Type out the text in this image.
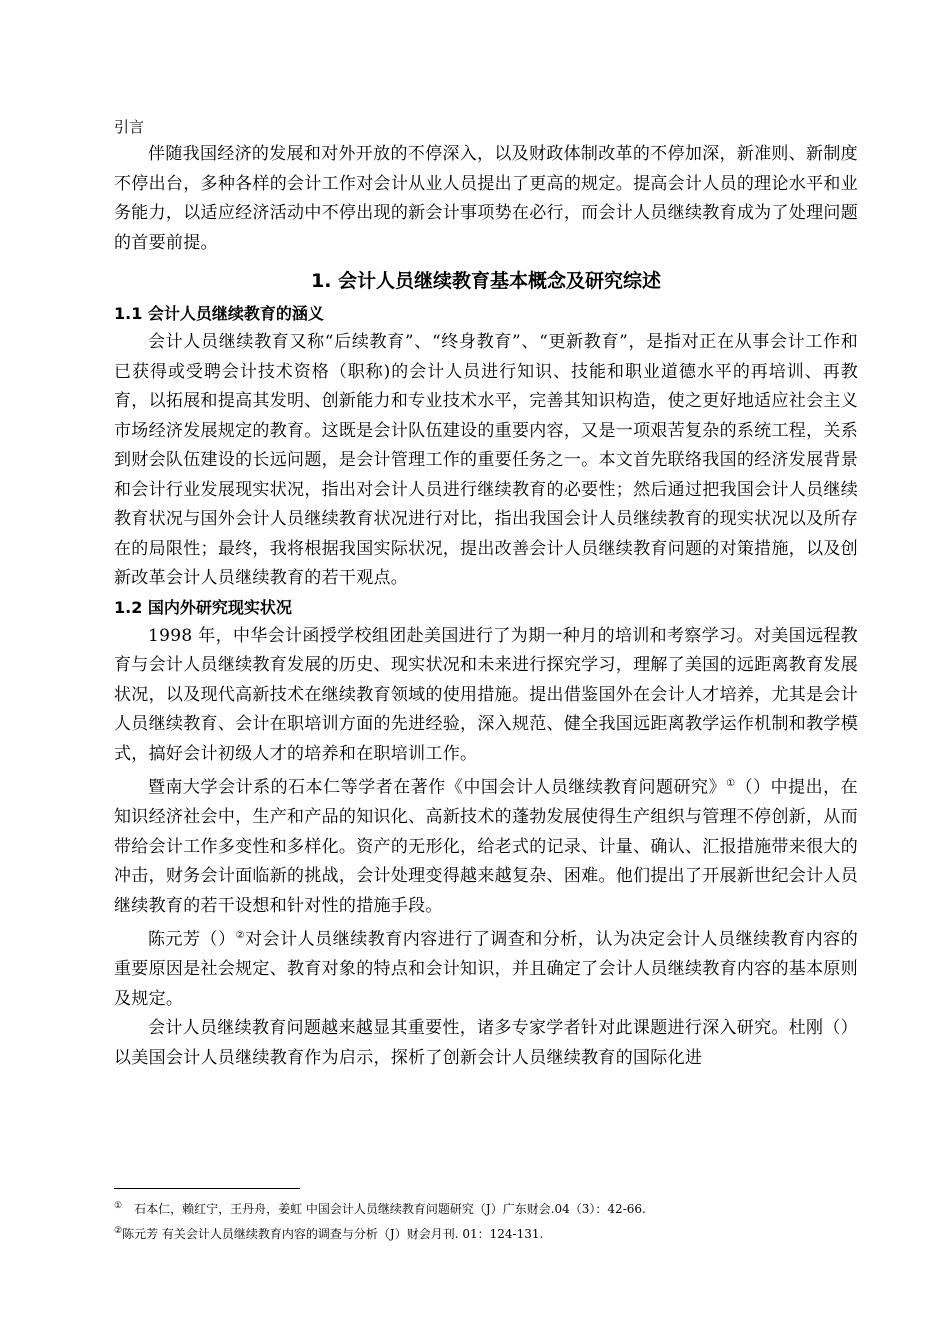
引言

伴随我国经济的发展和对外开放的不停深入，以及财政体制改革的不停加深，新准则、新制度不停出台，多种各样的会计工作对会计从业人员提出了更高的规定。提高会计人员的理论水平和业务能力，以适应经济活动中不停出现的新会计事项势在必行，而会计人员继续教育成为了处理问题的首要前提。

1. 会计人员继续教育基本概念及研究综述
1.1 会计人员继续教育的涵义

会计人员继续教育又称“后续教育”、“终身教育”、“更新教育”，是指对正在从事会计工作和已获得或受聘会计技术资格（职称)的会计人员进行知识、技能和职业道德水平的再培训、再教育，以拓展和提高其发明、创新能力和专业技术水平，完善其知识构造，使之更好地适应社会主义市场经济发展规定的教育。这既是会计队伍建设的重要内容，又是一项艰苦复杂的系统工程，关系到财会队伍建设的长远问题，是会计管理工作的重要任务之一。本文首先联络我国的经济发展背景和会计行业发展现实状况，指出对会计人员进行继续教育的必要性；然后通过把我国会计人员继续教育状况与国外会计人员继续教育状况进行对比，指出我国会计人员继续教育的现实状况以及所存在的局限性；最终，我将根据我国实际状况，提出改善会计人员继续教育问题的对策措施，以及创新改革会计人员继续教育的若干观点。

1.2 国内外研究现实状况

1998 年，中华会计函授学校组团赴美国进行了为期一种月的培训和考察学习。对美国远程教育与会计人员继续教育发展的历史、现实状况和未来进行探究学习，理解了美国的远距离教育发展状况，以及现代高新技术在继续教育领域的使用措施。提出借鉴国外在会计人才培养，尤其是会计人员继续教育、会计在职培训方面的先进经验，深入规范、健全我国远距离教学运作机制和教学模式，搞好会计初级人才的培养和在职培训工作。

暨南大学会计系的石本仁等学者在著作《中国会计人员继续教育问题研究》①（）中提出，在知识经济社会中，生产和产品的知识化、高新技术的蓬勃发展使得生产组织与管理不停创新，从而带给会计工作多变性和多样化。资产的无形化，给老式的记录、计量、确认、汇报措施带来很大的冲击，财务会计面临新的挑战，会计处理变得越来越复杂、困难。他们提出了开展新世纪会计人员继续教育的若干设想和针对性的措施手段。

陈元芳（）②对会计人员继续教育内容进行了调查和分析，认为决定会计人员继续教育内容的重要原因是社会规定、教育对象的特点和会计知识，并且确定了会计人员继续教育内容的基本原则及规定。

会计人员继续教育问题越来越显其重要性，诸多专家学者针对此课题进行深入研究。杜刚（）以美国会计人员继续教育作为启示，探析了创新会计人员继续教育的国际化进

①　石本仁，赖红宁，王丹舟，姜虹 中国会计人员继续教育问题研究（J）广东财会.04（3）：42-66.

②陈元芳 有关会计人员继续教育内容的调查与分析（J）财会月刊. 01：124-131.
